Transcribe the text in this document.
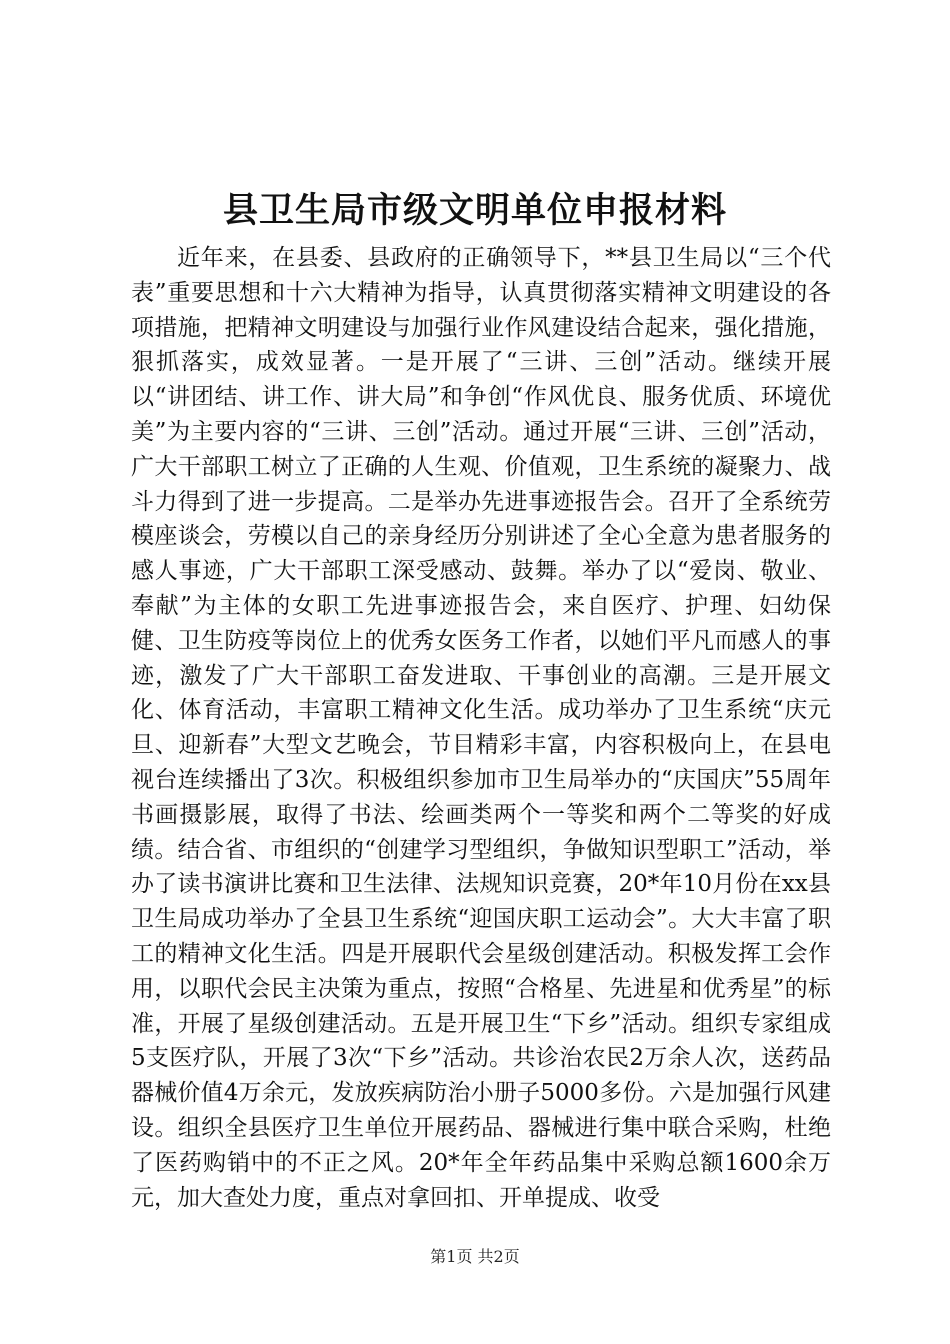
县卫生局市级文明单位申报材料

近年来，在县委、县政府的正确领导下，**县卫生局以“三个代表”重要思想和十六大精神为指导，认真贯彻落实精神文明建设的各项措施，把精神文明建设与加强行业作风建设结合起来，强化措施，狠抓落实，成效显著。一是开展了“三讲、三创”活动。继续开展以“讲团结、讲工作、讲大局”和争创“作风优良、服务优质、环境优美”为主要内容的“三讲、三创”活动。通过开展“三讲、三创”活动，广大干部职工树立了正确的人生观、价值观，卫生系统的凝聚力、战斗力得到了进一步提高。二是举办先进事迹报告会。召开了全系统劳模座谈会，劳模以自己的亲身经历分别讲述了全心全意为患者服务的感人事迹，广大干部职工深受感动、鼓舞。举办了以“爱岗、敬业、奉献”为主体的女职工先进事迹报告会，来自医疗、护理、妇幼保健、卫生防疫等岗位上的优秀女医务工作者，以她们平凡而感人的事迹，激发了广大干部职工奋发进取、干事创业的高潮。三是开展文化、体育活动，丰富职工精神文化生活。成功举办了卫生系统“庆元旦、迎新春”大型文艺晚会，节目精彩丰富，内容积极向上，在县电视台连续播出了3次。积极组织参加市卫生局举办的“庆国庆”55周年书画摄影展，取得了书法、绘画类两个一等奖和两个二等奖的好成绩。结合省、市组织的“创建学习型组织，争做知识型职工”活动，举办了读书演讲比赛和卫生法律、法规知识竞赛，20*年10月份在xx县卫生局成功举办了全县卫生系统“迎国庆职工运动会”。大大丰富了职工的精神文化生活。四是开展职代会星级创建活动。积极发挥工会作用，以职代会民主决策为重点，按照“合格星、先进星和优秀星”的标准，开展了星级创建活动。五是开展卫生“下乡”活动。组织专家组成5支医疗队，开展了3次“下乡”活动。共诊治农民2万余人次，送药品器械价值4万余元，发放疾病防治小册子5000多份。六是加强行风建设。组织全县医疗卫生单位开展药品、器械进行集中联合采购，杜绝了医药购销中的不正之风。20*年全年药品集中采购总额1600余万元，加大查处力度，重点对拿回扣、开单提成、收受

第1页 共2页
